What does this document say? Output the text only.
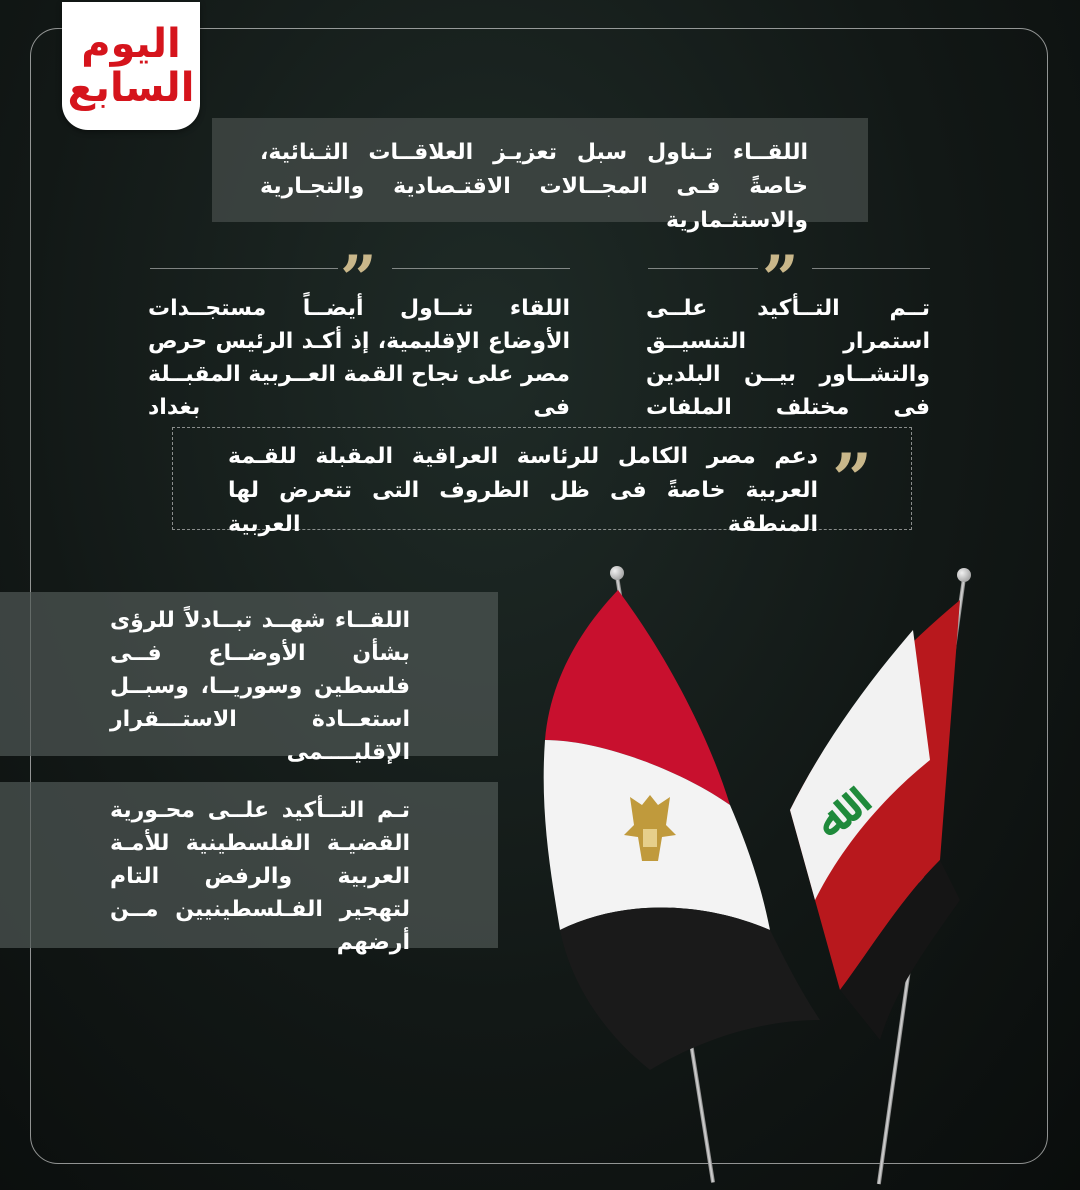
اليوم
السابع
اللقــاء تـناول سبل تعزيـز العلاقــات الثـنائية، خاصةً فـى المجــالات الاقتـصادية والتجـارية والاستثـمارية
”
اللقاء تنــاول أيضــاً مستجــدات الأوضاع الإقليمية، إذ أكـد الرئيس حرص مصر على نجاح القمة العــربية المقبــلة فى بغداد
”
تــم التــأكيد علــى استمرار التنسيــق والتشــاور بيــن البلدين فى مختلف الملفات
”
دعم مصر الكامل للرئاسة العراقية المقبلة للقـمة العربية خاصةً فى ظل الظروف التى تتعرض لها المنطقة العربية
اللقــاء شهــد تبــادلاً للرؤى بشأن الأوضــاع فــى فلسطين وسوريــا، وسبــل استعــادة الاستـــقرار الإقليــــمى
تـم التــأكيد علــى محـورية القضيـة الفلسطينية للأمـة العربية والرفض التام لتهجير الفـلسطينيين مــن أرضهم
ﷲ
